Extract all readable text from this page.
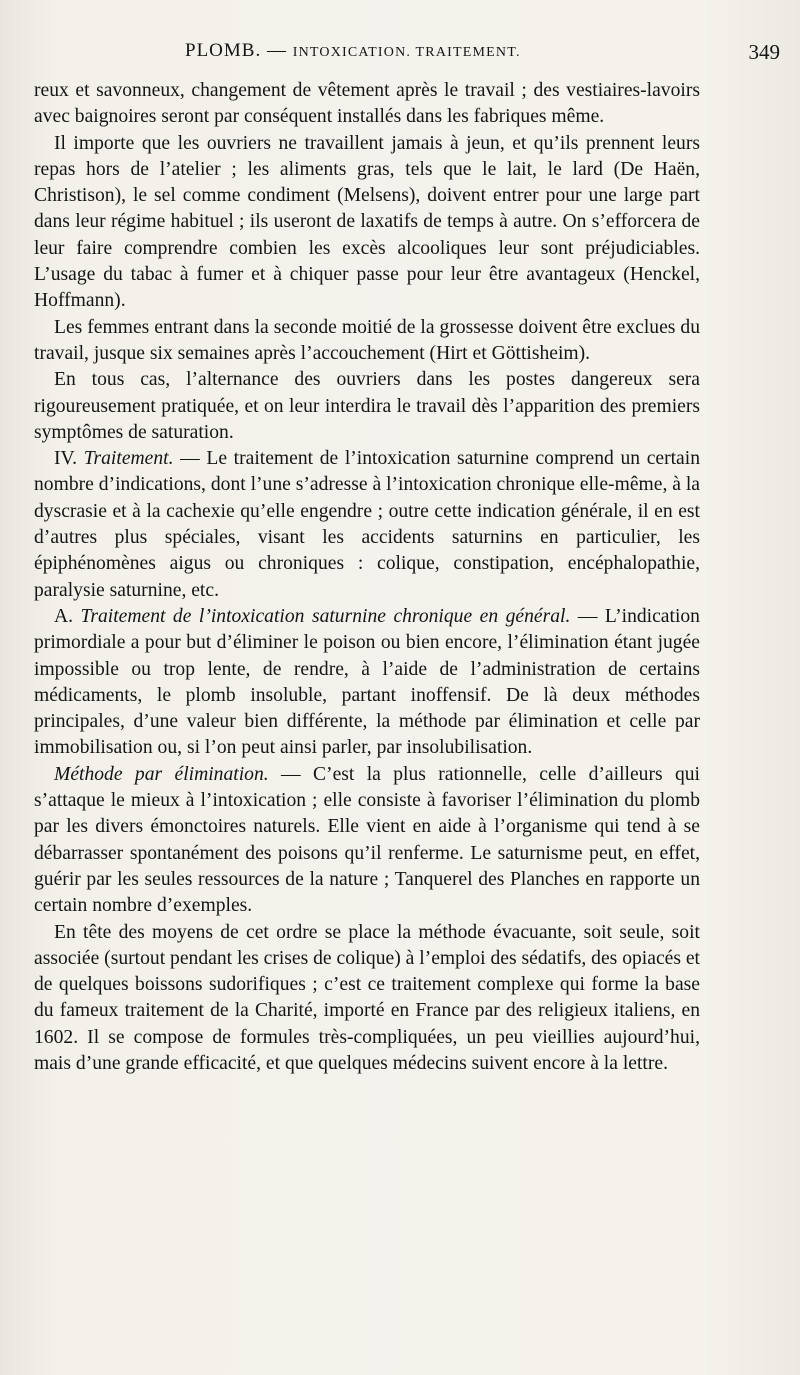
PLOMB. — INTOXICATION. TRAITEMENT.	349

reux et savonneux, changement de vêtement après le travail ; des vestiaires-lavoirs avec baignoires seront par conséquent installés dans les fabriques même.

Il importe que les ouvriers ne travaillent jamais à jeun, et qu’ils prennent leurs repas hors de l’atelier ; les aliments gras, tels que le lait, le lard (De Haën, Christison), le sel comme condiment (Melsens), doivent entrer pour une large part dans leur régime habituel ; ils useront de laxatifs de temps à autre. On s’efforcera de leur faire comprendre combien les excès alcooliques leur sont préjudiciables. L’usage du tabac à fumer et à chiquer passe pour leur être avantageux (Henckel, Hoffmann).

Les femmes entrant dans la seconde moitié de la grossesse doivent être exclues du travail, jusque six semaines après l’accouchement (Hirt et Göttisheim).

En tous cas, l’alternance des ouvriers dans les postes dangereux sera rigoureusement pratiquée, et on leur interdira le travail dès l’apparition des premiers symptômes de saturation.

IV. Traitement. — Le traitement de l’intoxication saturnine comprend un certain nombre d’indications, dont l’une s’adresse à l’intoxication chronique elle-même, à la dyscrasie et à la cachexie qu’elle engendre ; outre cette indication générale, il en est d’autres plus spéciales, visant les accidents saturnins en particulier, les épiphénomènes aigus ou chroniques : colique, constipation, encéphalopathie, paralysie saturnine, etc.

A. Traitement de l’intoxication saturnine chronique en général. — L’indication primordiale a pour but d’éliminer le poison ou bien encore, l’élimination étant jugée impossible ou trop lente, de rendre, à l’aide de l’administration de certains médicaments, le plomb insoluble, partant inoffensif. De là deux méthodes principales, d’une valeur bien différente, la méthode par élimination et celle par immobilisation ou, si l’on peut ainsi parler, par insolubilisation.

Méthode par élimination. — C’est la plus rationnelle, celle d’ailleurs qui s’attaque le mieux à l’intoxication ; elle consiste à favoriser l’élimination du plomb par les divers émonctoires naturels. Elle vient en aide à l’organisme qui tend à se débarrasser spontanément des poisons qu’il renferme. Le saturnisme peut, en effet, guérir par les seules ressources de la nature ; Tanquerel des Planches en rapporte un certain nombre d’exemples.

En tête des moyens de cet ordre se place la méthode évacuante, soit seule, soit associée (surtout pendant les crises de colique) à l’emploi des sédatifs, des opiacés et de quelques boissons sudorifiques ; c’est ce traitement complexe qui forme la base du fameux traitement de la Charité, importé en France par des religieux italiens, en 1602. Il se compose de formules très-compliquées, un peu vieillies aujourd’hui, mais d’une grande efficacité, et que quelques médecins suivent encore à la lettre.
